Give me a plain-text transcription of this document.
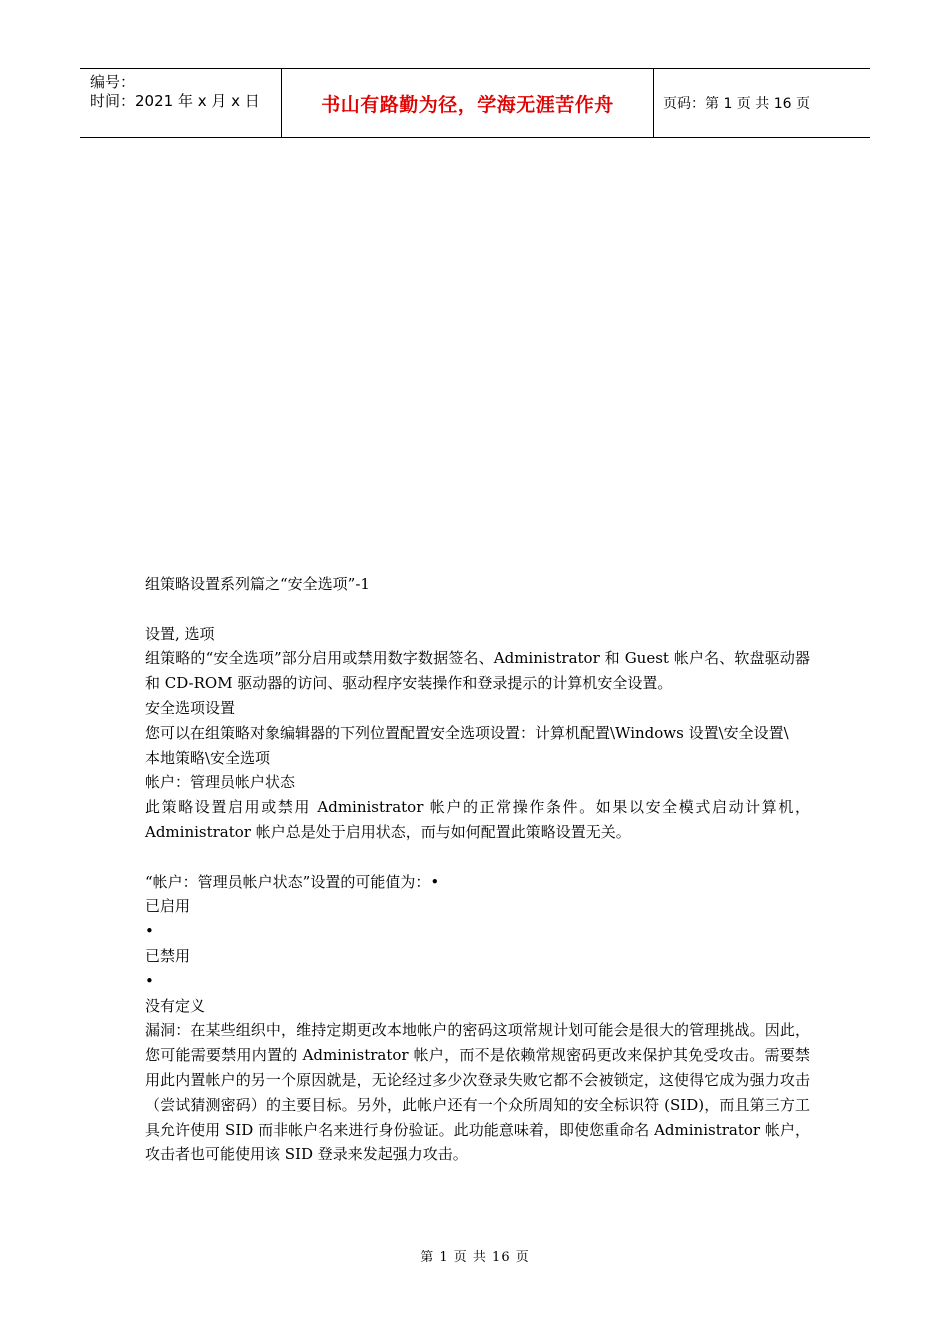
编号：
时间：2021 年 x 月 x 日	书山有路勤为径，学海无涯苦作舟	页码：第 1 页 共 16 页

组策略设置系列篇之“安全选项”-1

设置, 选项

组策略的“安全选项”部分启用或禁用数字数据签名、Administrator 和 Guest 帐户名、软盘驱动器和 CD-ROM 驱动器的访问、驱动程序安装操作和登录提示的计算机安全设置。

安全选项设置

您可以在组策略对象编辑器的下列位置配置安全选项设置：计算机配置\Windows 设置\安全设置\

本地策略\安全选项

帐户：管理员帐户状态

此策略设置启用或禁用 Administrator 帐户的正常操作条件。如果以安全模式启动计算机，Administrator 帐户总是处于启用状态，而与如何配置此策略设置无关。

“帐户：管理员帐户状态”设置的可能值为：•

已启用

•

已禁用

•

没有定义

漏洞：在某些组织中，维持定期更改本地帐户的密码这项常规计划可能会是很大的管理挑战。因此，您可能需要禁用内置的 Administrator 帐户，而不是依赖常规密码更改来保护其免受攻击。需要禁用此内置帐户的另一个原因就是，无论经过多少次登录失败它都不会被锁定，这使得它成为强力攻击（尝试猜测密码）的主要目标。另外，此帐户还有一个众所周知的安全标识符 (SID)，而且第三方工具允许使用 SID 而非帐户名来进行身份验证。此功能意味着，即使您重命名 Administrator 帐户，攻击者也可能使用该 SID 登录来发起强力攻击。

第 1 页 共 16 页
